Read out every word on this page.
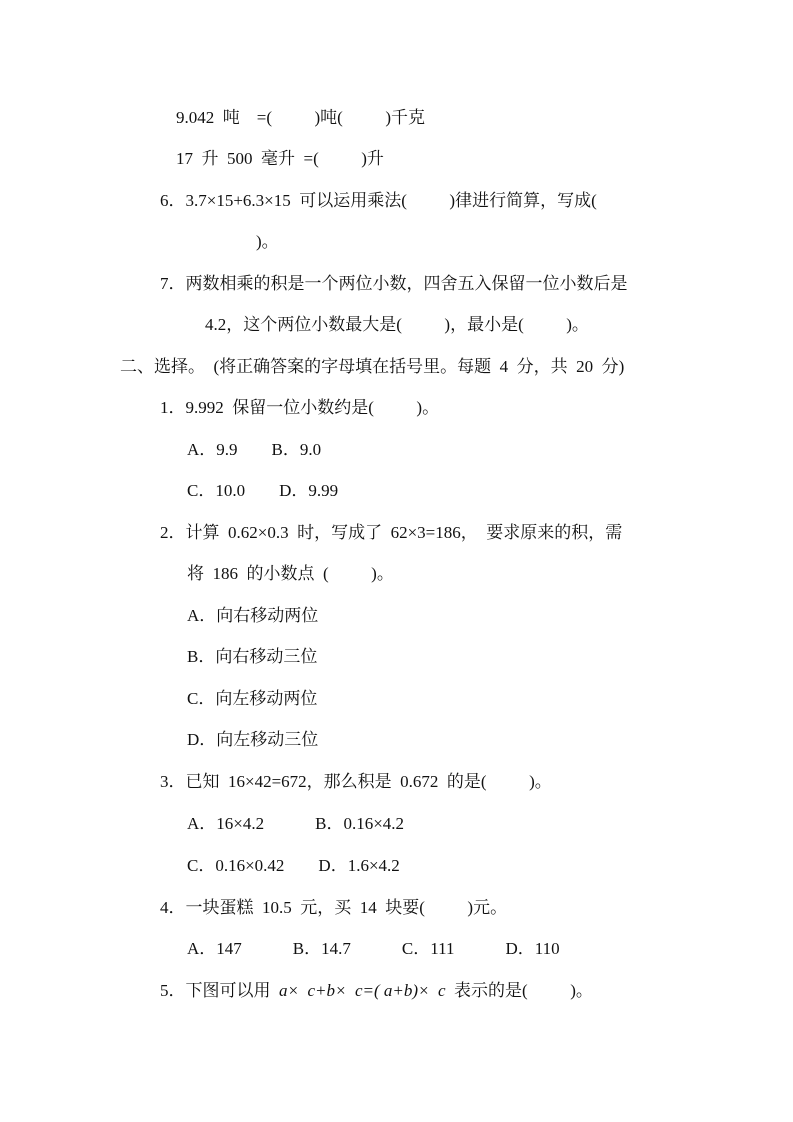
9.042  吨    =(          )吨(          )千克
17  升  500  毫升  =(          )升
6．3.7×15+6.3×15  可以运用乘法(          )律进行简算，写成(
)。
7．两数相乘的积是一个两位小数，四舍五入保留一位小数后是
4.2，这个两位小数最大是(          )，最小是(          )。
二、选择。  (将正确答案的字母填在括号里。每题  4  分，共  20  分)
1．9.992  保留一位小数约是(          )。
A．9.9        B．9.0
C．10.0        D．9.99
2．计算  0.62×0.3  时，写成了  62×3=186，  要求原来的积，需
将  186  的小数点  (          )。
A．向右移动两位
B．向右移动三位
C．向左移动两位
D．向左移动三位
3．已知  16×42=672，那么积是  0.672  的是(          )。
A．16×4.2            B．0.16×4.2
C．0.16×0.42        D．1.6×4.2
4．一块蛋糕  10.5  元，买  14  块要(          )元。
A．147            B．14.7            C．111            D．110
5．下图可以用  a×  c+b×  c=( a+b)×  c  表示的是(          )。
